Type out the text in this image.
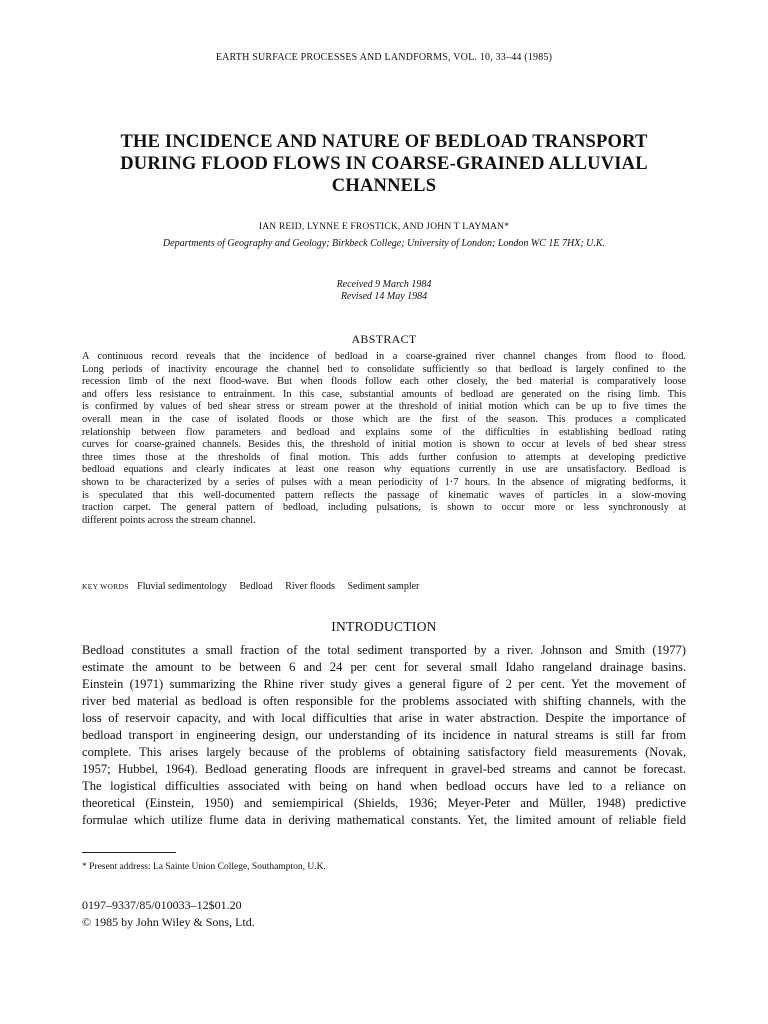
EARTH SURFACE PROCESSES AND LANDFORMS, VOL. 10, 33–44 (1985)
THE INCIDENCE AND NATURE OF BEDLOAD TRANSPORT
DURING FLOOD FLOWS IN COARSE-GRAINED ALLUVIAL
CHANNELS
IAN REID, LYNNE E FROSTICK, AND JOHN T LAYMAN*
Departments of Geography and Geology; Birkbeck College; University of London; London WC 1E 7HX; U.K.
Received 9 March 1984
Revised 14 May 1984
ABSTRACT
A continuous record reveals that the incidence of bedload in a coarse-grained river channel changes from flood to flood.
Long periods of inactivity encourage the channel bed to consolidate sufficiently so that bedload is largely confined to the
recession limb of the next flood-wave. But when floods follow each other closely, the bed material is comparatively loose
and offers less resistance to entrainment. In this case, substantial amounts of bedload are generated on the rising limb. This
is confirmed by values of bed shear stress or stream power at the threshold of initial motion which can be up to five times the
overall mean in the case of isolated floods or those which are the first of the season. This produces a complicated
relationship between flow parameters and bedload and explains some of the difficulties in establishing bedload rating
curves for coarse-grained channels. Besides this, the threshold of initial motion is shown to occur at levels of bed shear stress
three times those at the thresholds of final motion. This adds further confusion to attempts at developing predictive
bedload equations and clearly indicates at least one reason why equations currently in use are unsatisfactory. Bedload is
shown to be characterized by a series of pulses with a mean periodicity of 1·7 hours. In the absence of migrating bedforms, it
is speculated that this well-documented pattern reflects the passage of kinematic waves of particles in a slow-moving
traction carpet. The general pattern of bedload, including pulsations, is shown to occur more or less synchronously at
different points across the stream channel.
KEY WORDS Fluvial sedimentology Bedload River floods Sediment sampler
INTRODUCTION
Bedload constitutes a small fraction of the total sediment transported by a river. Johnson and Smith (1977)
estimate the amount to be between 6 and 24 per cent for several small Idaho rangeland drainage basins.
Einstein (1971) summarizing the Rhine river study gives a general figure of 2 per cent. Yet the movement of
river bed material as bedload is often responsible for the problems associated with shifting channels, with the
loss of reservoir capacity, and with local difficulties that arise in water abstraction. Despite the importance of
bedload transport in engineering design, our understanding of its incidence in natural streams is still far from
complete. This arises largely because of the problems of obtaining satisfactory field measurements (Novak,
1957; Hubbel, 1964). Bedload generating floods are infrequent in gravel-bed streams and cannot be forecast.
The logistical difficulties associated with being on hand when bedload occurs have led to a reliance on
theoretical (Einstein, 1950) and semiempirical (Shields, 1936; Meyer-Peter and Müller, 1948) predictive
formulae which utilize flume data in deriving mathematical constants. Yet, the limited amount of reliable field
* Present address: La Sainte Union College, Southampton, U.K.
0197–9337/85/010033–12$01.20
© 1985 by John Wiley & Sons, Ltd.
